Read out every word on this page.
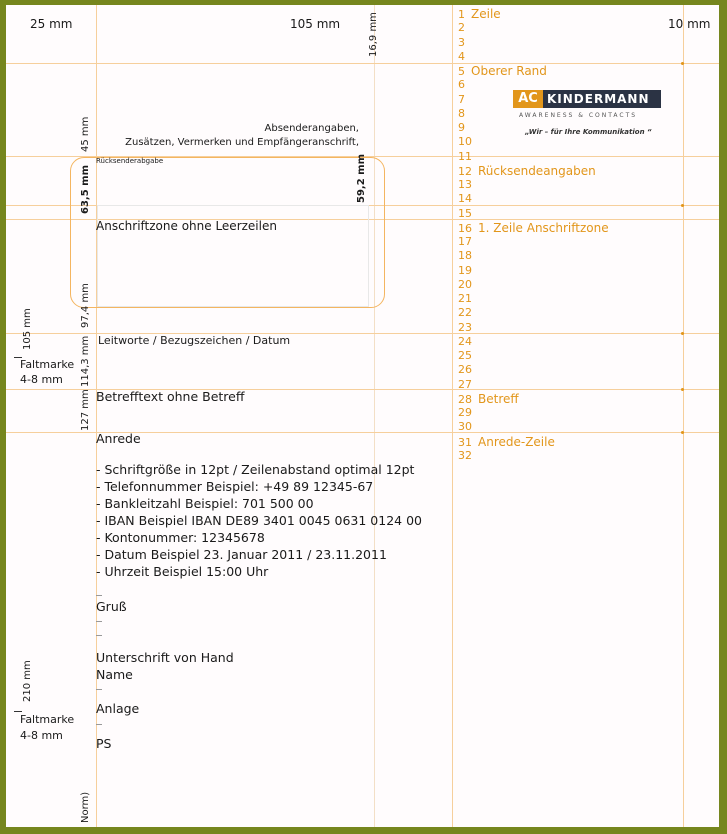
25 mm	105 mm	10 mm
16,9 mm
AC KINDERMANN
AWARENESS & CONTACTS
„Wir – für Ihre Kommunikation “
Absenderangaben,
Zusätzen, Vermerken und Empfängeranschrift,
Rücksenderabgabe
Anschriftzone ohne Leerzeilen
59,2 mm
45 mm
63,5 mm
97,4 mm
105 mm
114,3 mm
127 mm
210 mm
Norm)
Faltmarke
4-8 mm
Faltmarke
4-8 mm
Leitworte / Bezugszeichen / Datum
Betrefftext ohne Betreff
Anrede
Gruß
Unterschrift von Hand
Name
Anlage
PS
1 Zeile
2
3
4
5 Oberer Rand
6
7
8
9
10
11
12 Rücksendeangaben
13
14
15
16 1. Zeile Anschriftzone
17
18
19
20
21
22
23
24
25
26
27
28 Betreff
29
30
31 Anrede-Zeile
32
- Schriftgröße in 12pt / Zeilenabstand optimal 12pt
- Telefonnummer Beispiel: +49 89 12345-67
- Bankleitzahl Beispiel: 701 500 00
- IBAN Beispiel IBAN DE89 3401 0045 0631 0124 00
- Kontonummer: 12345678
- Datum Beispiel 23. Januar 2011 / 23.11.2011
- Uhrzeit Beispiel 15:00 Uhr
